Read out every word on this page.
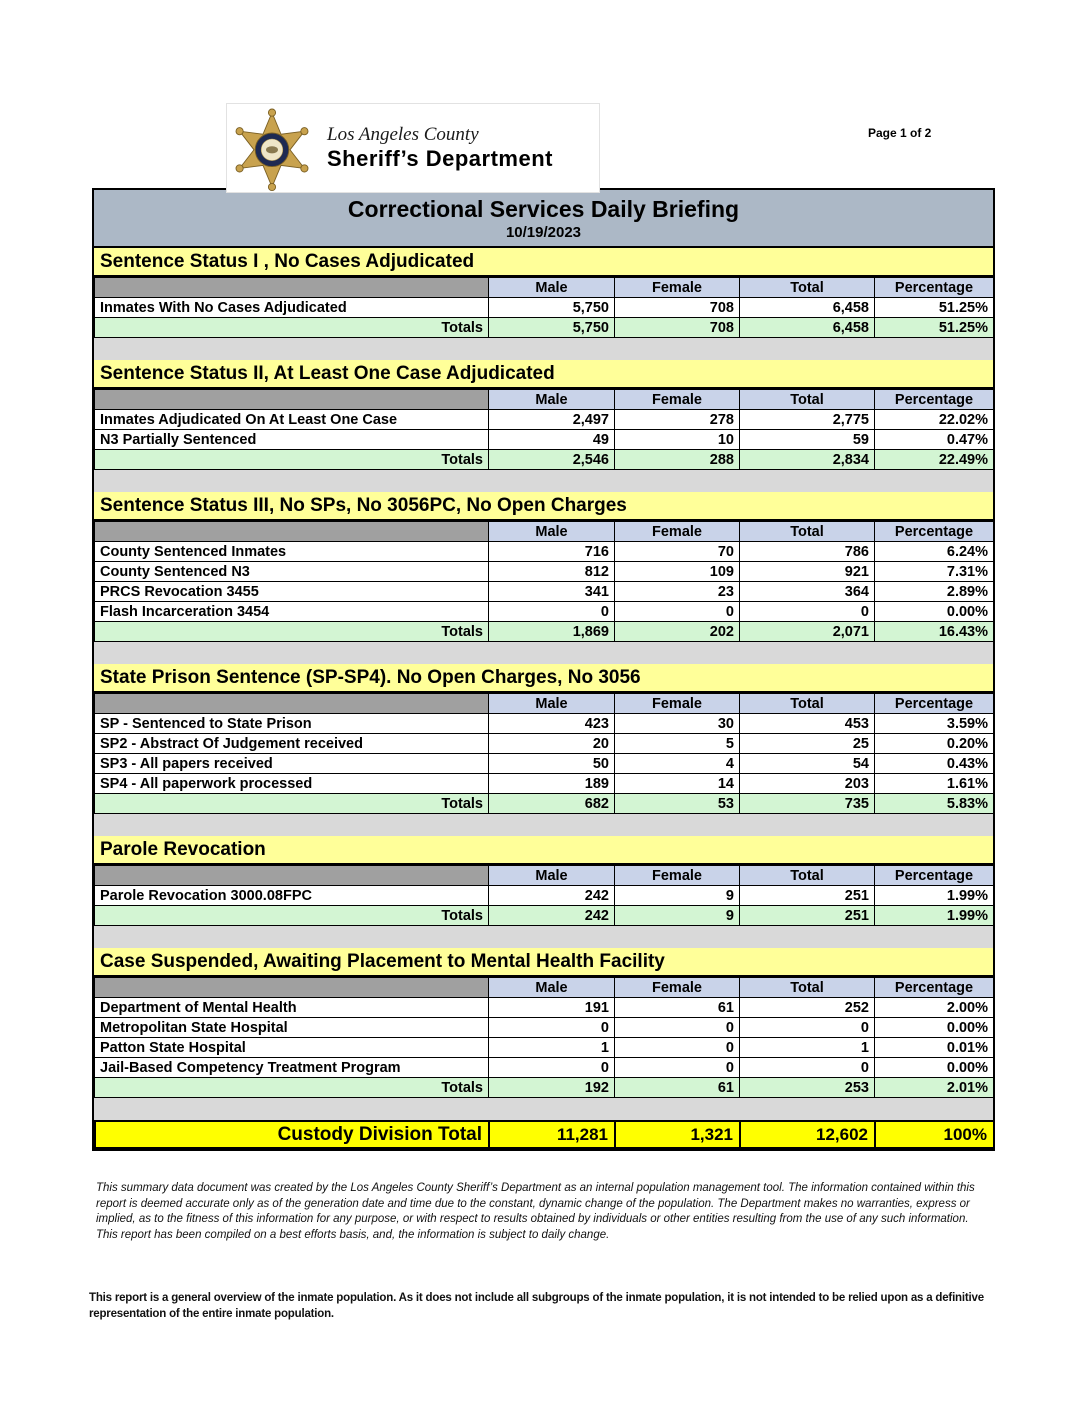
Los Angeles County
Sheriff’s Department
Page 1 of 2
Correctional Services Daily Briefing
10/19/2023
Sentence Status I , No Cases Adjudicated
	Male	Female	Total	Percentage
Inmates With No Cases Adjudicated	5,750	708	6,458	51.25%
Totals	5,750	708	6,458	51.25%
Sentence Status II, At Least One Case Adjudicated
	Male	Female	Total	Percentage
Inmates Adjudicated On At Least One Case	2,497	278	2,775	22.02%
N3 Partially Sentenced	49	10	59	0.47%
Totals	2,546	288	2,834	22.49%
Sentence Status III, No SPs, No 3056PC, No Open Charges
	Male	Female	Total	Percentage
County Sentenced Inmates	716	70	786	6.24%
County Sentenced N3	812	109	921	7.31%
PRCS Revocation 3455	341	23	364	2.89%
Flash Incarceration 3454	0	0	0	0.00%
Totals	1,869	202	2,071	16.43%
State Prison Sentence (SP-SP4). No Open Charges, No 3056
	Male	Female	Total	Percentage
SP - Sentenced to State Prison	423	30	453	3.59%
SP2 - Abstract Of Judgement received	20	5	25	0.20%
SP3 - All papers received	50	4	54	0.43%
SP4 - All paperwork processed	189	14	203	1.61%
Totals	682	53	735	5.83%
Parole Revocation
	Male	Female	Total	Percentage
Parole Revocation 3000.08FPC	242	9	251	1.99%
Totals	242	9	251	1.99%
Case Suspended, Awaiting Placement to Mental Health Facility
	Male	Female	Total	Percentage
Department of Mental Health	191	61	252	2.00%
Metropolitan State Hospital	0	0	0	0.00%
Patton State Hospital	1	0	1	0.01%
Jail-Based Competency Treatment Program	0	0	0	0.00%
Totals	192	61	253	2.01%
Custody Division Total	11,281	1,321	12,602	100%
This summary data document was created by the Los Angeles County Sheriff’s Department as an internal population management tool. The information contained within this report is deemed accurate only as of the generation date and time due to the constant, dynamic change of the population. The Department makes no warranties, express or implied, as to the fitness of this information for any purpose, or with respect to results obtained by individuals or other entities resulting from the use of any such information. This report has been compiled on a best efforts basis, and, the information is subject to daily change.
This report is a general overview of the inmate population. As it does not include all subgroups of the inmate population, it is not intended to be relied upon as a definitive representation of the entire inmate population.
